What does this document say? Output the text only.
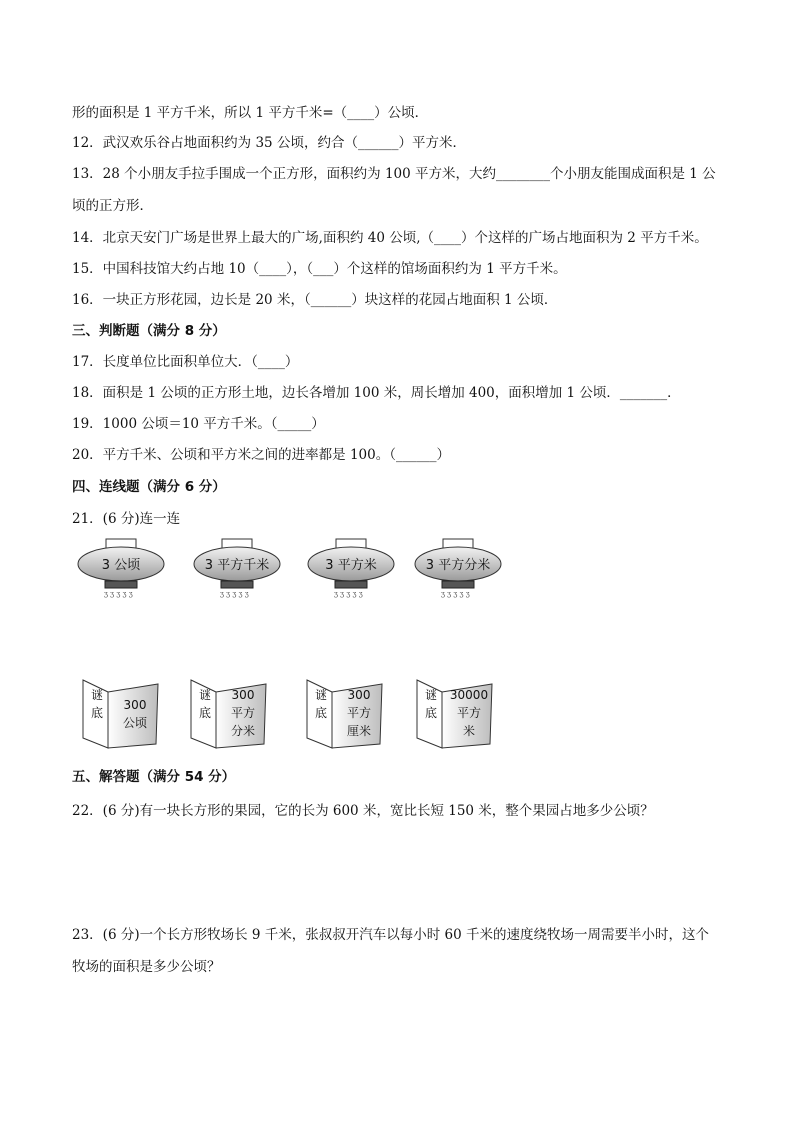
形的面积是 1 平方千米，所以 1 平方千米=（____）公顷．
12．武汉欢乐谷占地面积约为 35 公顷，约合（______）平方米．
13．28 个小朋友手拉手围成一个正方形，面积约为 100 平方米，大约________个小朋友能围成面积是 1 公
顷的正方形．
14．北京天安门广场是世界上最大的广场,面积约 40 公顷,（____）个这样的广场占地面积为 2 平方千米。
15．中国科技馆大约占地 10（____），（___）个这样的馆场面积约为 1 平方千米。
16．一块正方形花园，边长是 20 米，（______）块这样的花园占地面积 1 公顷．
三、判断题（满分 8 分）
17．长度单位比面积单位大．（____）
18．面积是 1 公顷的正方形土地，边长各增加 100 米，周长增加 400，面积增加 1 公顷．_______．
19．1000 公顷＝10 平方千米。（_____）
20．平方千米、公顷和平方米之间的进率都是 100。（______）
四、连线题（满分 6 分）
21．(6 分)连一连
ʒ ʒ ʒ ʒ ʒ
3 公顷
ʒ ʒ ʒ ʒ ʒ
3 平方千米
ʒ ʒ ʒ ʒ ʒ
3 平方米
ʒ ʒ ʒ ʒ ʒ
3 平方分米
谜
底
300
公顷
谜
底
300
平方
分米
谜
底
300
平方
厘米
谜
底
30000
平方
米
五、解答题（满分 54 分）
22．(6 分)有一块长方形的果园，它的长为 600 米，宽比长短 150 米，整个果园占地多少公顷？
23．(6 分)一个长方形牧场长 9 千米，张叔叔开汽车以每小时 60 千米的速度绕牧场一周需要半小时，这个
牧场的面积是多少公顷？
